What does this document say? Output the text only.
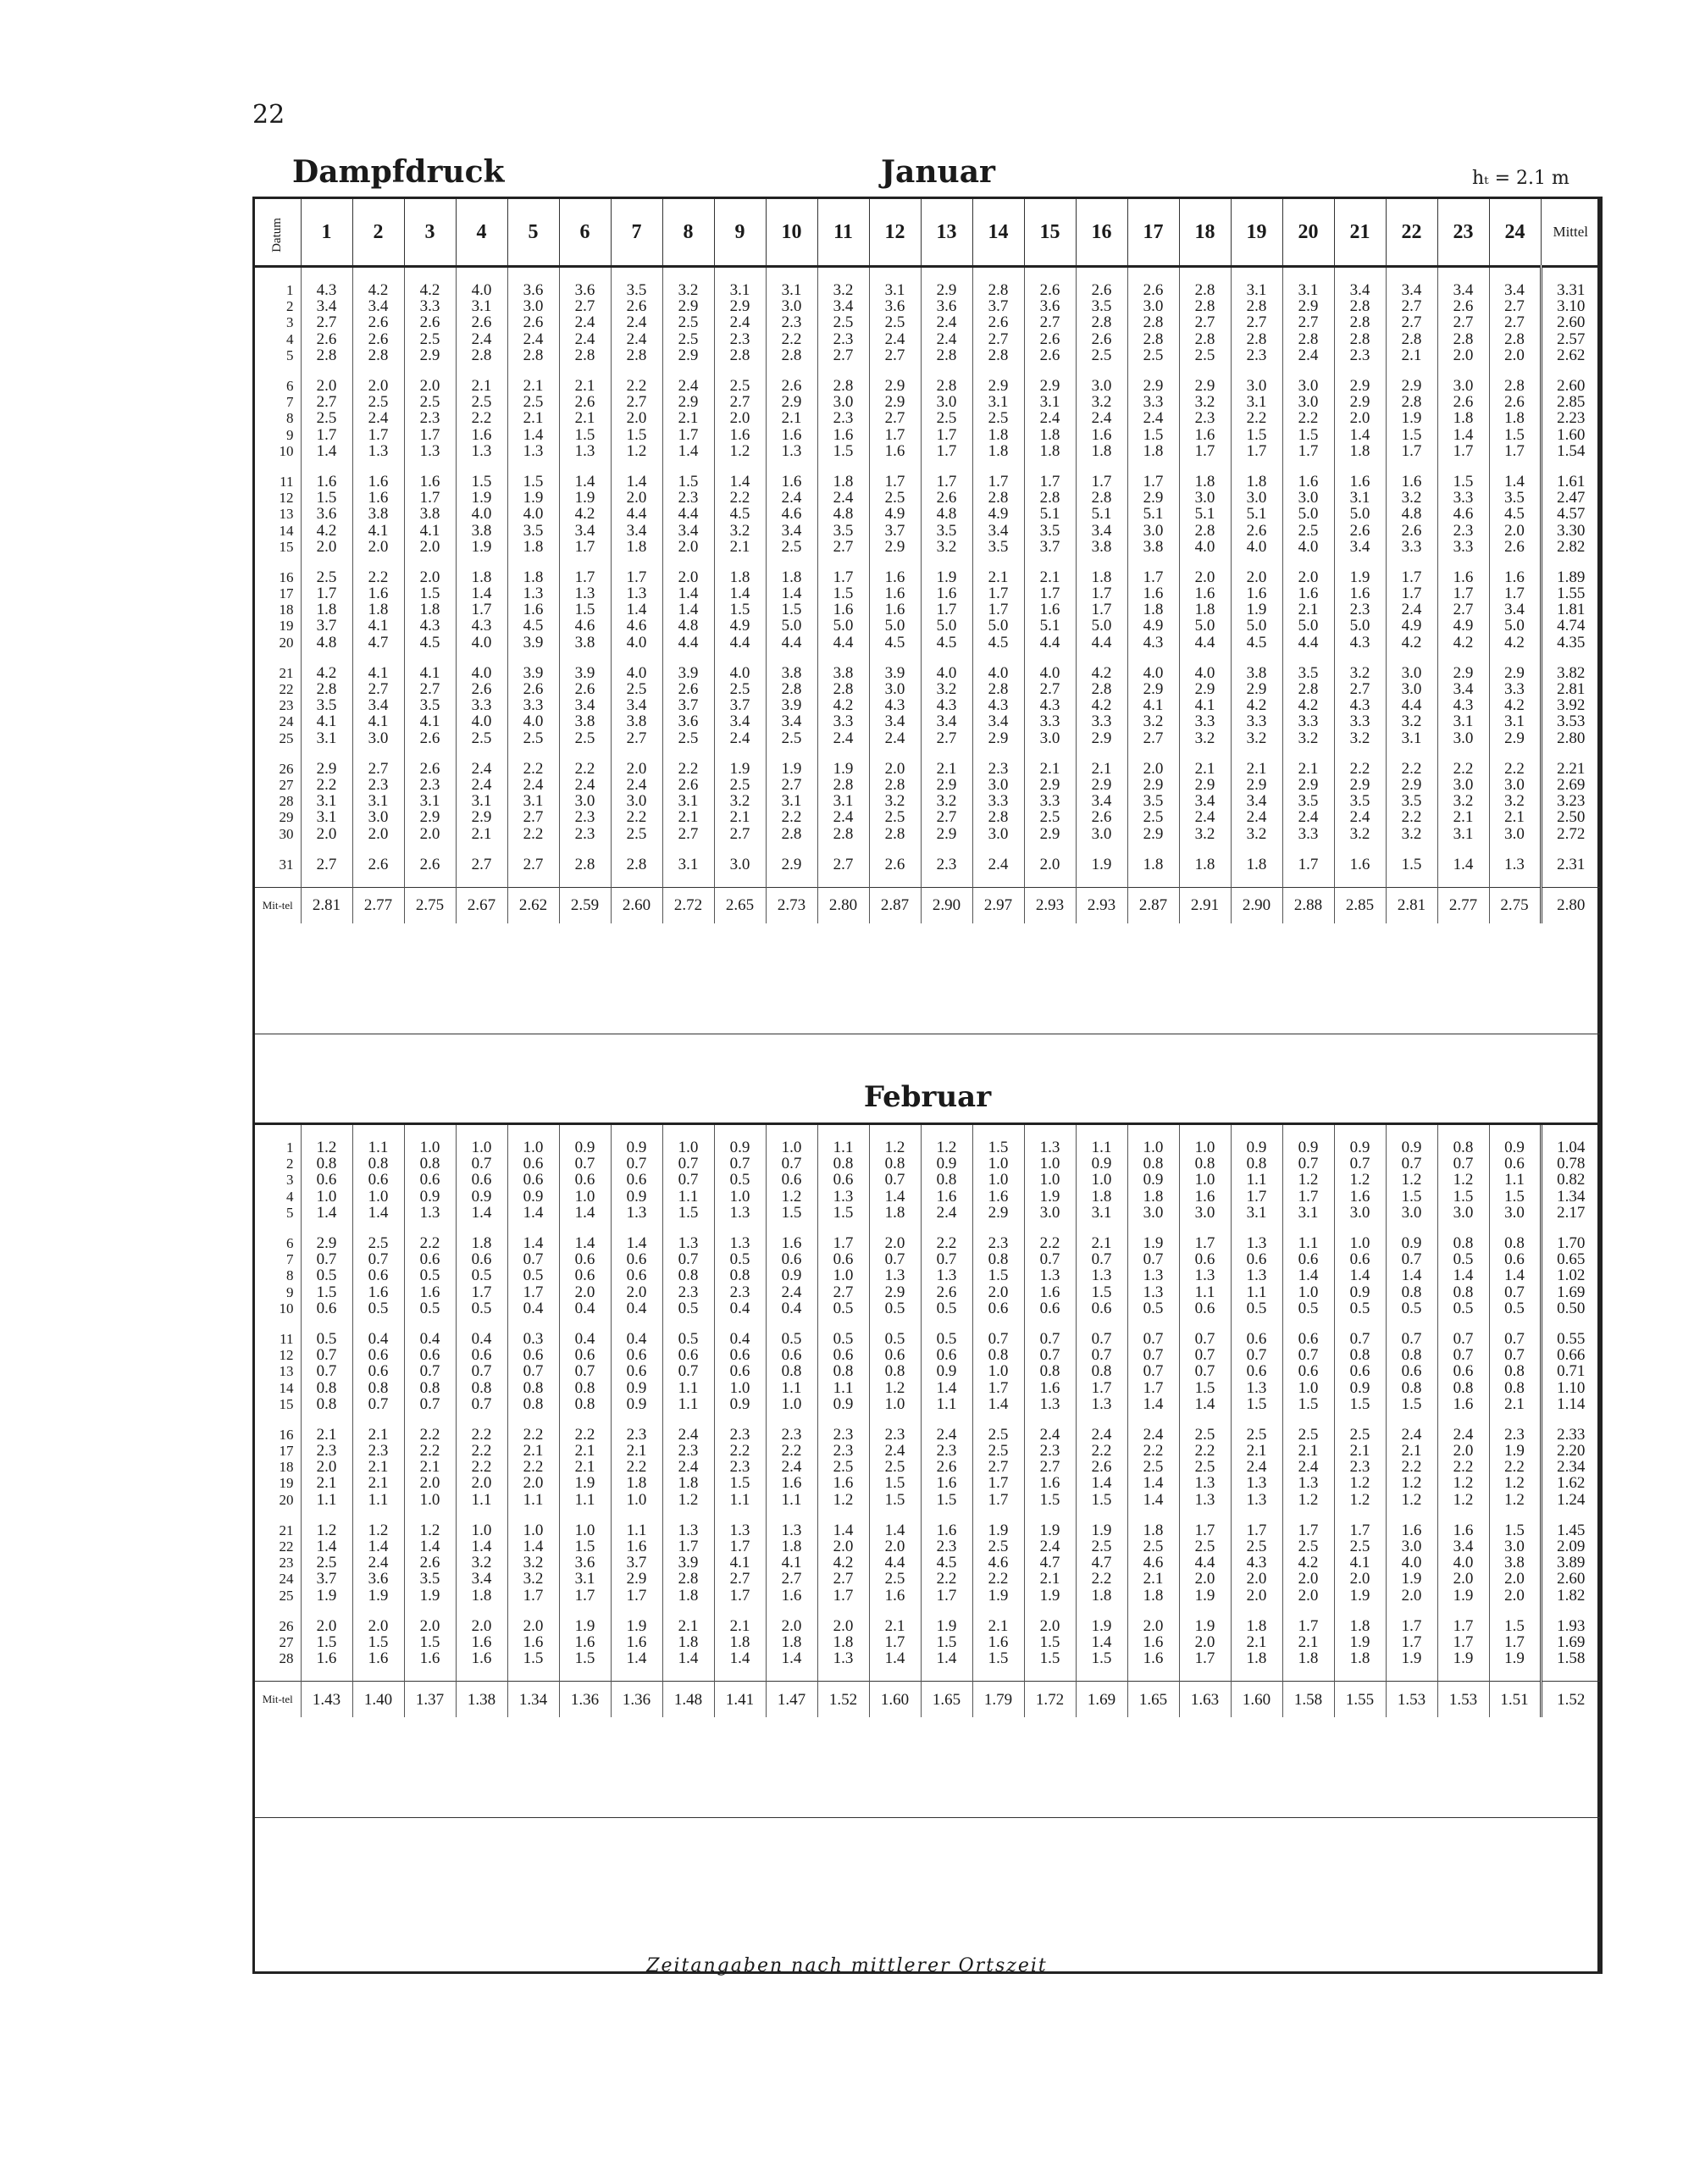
22
Dampfdruck	Januar	hₜ = 2.1 m
Datum	1	2	3	4	5	6	7	8	9	10	11	12	13	14	15	16	17	18	19	20	21	22	23	24	Mittel

1	4.3	4.2	4.2	4.0	3.6	3.6	3.5	3.2	3.1	3.1	3.2	3.1	2.9	2.8	2.6	2.6	2.6	2.8	3.1	3.1	3.4	3.4	3.4	3.4	3.31
2	3.4	3.4	3.3	3.1	3.0	2.7	2.6	2.9	2.9	3.0	3.4	3.6	3.6	3.7	3.6	3.5	3.0	2.8	2.8	2.9	2.8	2.7	2.6	2.7	3.10
3	2.7	2.6	2.6	2.6	2.6	2.4	2.4	2.5	2.4	2.3	2.5	2.5	2.4	2.6	2.7	2.8	2.8	2.7	2.7	2.7	2.8	2.7	2.7	2.7	2.60
4	2.6	2.6	2.5	2.4	2.4	2.4	2.4	2.5	2.3	2.2	2.3	2.4	2.4	2.7	2.6	2.6	2.8	2.8	2.8	2.8	2.8	2.8	2.8	2.8	2.57
5	2.8	2.8	2.9	2.8	2.8	2.8	2.8	2.9	2.8	2.8	2.7	2.7	2.8	2.8	2.6	2.5	2.5	2.5	2.3	2.4	2.3	2.1	2.0	2.0	2.62

6	2.0	2.0	2.0	2.1	2.1	2.1	2.2	2.4	2.5	2.6	2.8	2.9	2.8	2.9	2.9	3.0	2.9	2.9	3.0	3.0	2.9	2.9	3.0	2.8	2.60
7	2.7	2.5	2.5	2.5	2.5	2.6	2.7	2.9	2.7	2.9	3.0	2.9	3.0	3.1	3.1	3.2	3.3	3.2	3.1	3.0	2.9	2.8	2.6	2.6	2.85
8	2.5	2.4	2.3	2.2	2.1	2.1	2.0	2.1	2.0	2.1	2.3	2.7	2.5	2.5	2.4	2.4	2.4	2.3	2.2	2.2	2.0	1.9	1.8	1.8	2.23
9	1.7	1.7	1.7	1.6	1.4	1.5	1.5	1.7	1.6	1.6	1.6	1.7	1.7	1.8	1.8	1.6	1.5	1.6	1.5	1.5	1.4	1.5	1.4	1.5	1.60
10	1.4	1.3	1.3	1.3	1.3	1.3	1.2	1.4	1.2	1.3	1.5	1.6	1.7	1.8	1.8	1.8	1.8	1.7	1.7	1.7	1.8	1.7	1.7	1.7	1.54

11	1.6	1.6	1.6	1.5	1.5	1.4	1.4	1.5	1.4	1.6	1.8	1.7	1.7	1.7	1.7	1.7	1.7	1.8	1.8	1.6	1.6	1.6	1.5	1.4	1.61
12	1.5	1.6	1.7	1.9	1.9	1.9	2.0	2.3	2.2	2.4	2.4	2.5	2.6	2.8	2.8	2.8	2.9	3.0	3.0	3.0	3.1	3.2	3.3	3.5	2.47
13	3.6	3.8	3.8	4.0	4.0	4.2	4.4	4.4	4.5	4.6	4.8	4.9	4.8	4.9	5.1	5.1	5.1	5.1	5.1	5.0	5.0	4.8	4.6	4.5	4.57
14	4.2	4.1	4.1	3.8	3.5	3.4	3.4	3.4	3.2	3.4	3.5	3.7	3.5	3.4	3.5	3.4	3.0	2.8	2.6	2.5	2.6	2.6	2.3	2.0	3.30
15	2.0	2.0	2.0	1.9	1.8	1.7	1.8	2.0	2.1	2.5	2.7	2.9	3.2	3.5	3.7	3.8	3.8	4.0	4.0	4.0	3.4	3.3	3.3	2.6	2.82

16	2.5	2.2	2.0	1.8	1.8	1.7	1.7	2.0	1.8	1.8	1.7	1.6	1.9	2.1	2.1	1.8	1.7	2.0	2.0	2.0	1.9	1.7	1.6	1.6	1.89
17	1.7	1.6	1.5	1.4	1.3	1.3	1.3	1.4	1.4	1.4	1.5	1.6	1.6	1.7	1.7	1.7	1.6	1.6	1.6	1.6	1.6	1.7	1.7	1.7	1.55
18	1.8	1.8	1.8	1.7	1.6	1.5	1.4	1.4	1.5	1.5	1.6	1.6	1.7	1.7	1.6	1.7	1.8	1.8	1.9	2.1	2.3	2.4	2.7	3.4	1.81
19	3.7	4.1	4.3	4.3	4.5	4.6	4.6	4.8	4.9	5.0	5.0	5.0	5.0	5.0	5.1	5.0	4.9	5.0	5.0	5.0	5.0	4.9	4.9	5.0	4.74
20	4.8	4.7	4.5	4.0	3.9	3.8	4.0	4.4	4.4	4.4	4.4	4.5	4.5	4.5	4.4	4.4	4.3	4.4	4.5	4.4	4.3	4.2	4.2	4.2	4.35

21	4.2	4.1	4.1	4.0	3.9	3.9	4.0	3.9	4.0	3.8	3.8	3.9	4.0	4.0	4.0	4.2	4.0	4.0	3.8	3.5	3.2	3.0	2.9	2.9	3.82
22	2.8	2.7	2.7	2.6	2.6	2.6	2.5	2.6	2.5	2.8	2.8	3.0	3.2	2.8	2.7	2.8	2.9	2.9	2.9	2.8	2.7	3.0	3.4	3.3	2.81
23	3.5	3.4	3.5	3.3	3.3	3.4	3.4	3.7	3.7	3.9	4.2	4.3	4.3	4.3	4.3	4.2	4.1	4.1	4.2	4.2	4.3	4.4	4.3	4.2	3.92
24	4.1	4.1	4.1	4.0	4.0	3.8	3.8	3.6	3.4	3.4	3.3	3.4	3.4	3.4	3.3	3.3	3.2	3.3	3.3	3.3	3.3	3.2	3.1	3.1	3.53
25	3.1	3.0	2.6	2.5	2.5	2.5	2.7	2.5	2.4	2.5	2.4	2.4	2.7	2.9	3.0	2.9	2.7	3.2	3.2	3.2	3.2	3.1	3.0	2.9	2.80

26	2.9	2.7	2.6	2.4	2.2	2.2	2.0	2.2	1.9	1.9	1.9	2.0	2.1	2.3	2.1	2.1	2.0	2.1	2.1	2.1	2.2	2.2	2.2	2.2	2.21
27	2.2	2.3	2.3	2.4	2.4	2.4	2.4	2.6	2.5	2.7	2.8	2.8	2.9	3.0	2.9	2.9	2.9	2.9	2.9	2.9	2.9	2.9	3.0	3.0	2.69
28	3.1	3.1	3.1	3.1	3.1	3.0	3.0	3.1	3.2	3.1	3.1	3.2	3.2	3.3	3.3	3.4	3.5	3.4	3.4	3.5	3.5	3.5	3.2	3.2	3.23
29	3.1	3.0	2.9	2.9	2.7	2.3	2.2	2.1	2.1	2.2	2.4	2.5	2.7	2.8	2.5	2.6	2.5	2.4	2.4	2.4	2.4	2.2	2.1	2.1	2.50
30	2.0	2.0	2.0	2.1	2.2	2.3	2.5	2.7	2.7	2.8	2.8	2.8	2.9	3.0	2.9	3.0	2.9	3.2	3.2	3.3	3.2	3.2	3.1	3.0	2.72

31	2.7	2.6	2.6	2.7	2.7	2.8	2.8	3.1	3.0	2.9	2.7	2.6	2.3	2.4	2.0	1.9	1.8	1.8	1.8	1.7	1.6	1.5	1.4	1.3	2.31

Mit-tel	2.81	2.77	2.75	2.67	2.62	2.59	2.60	2.72	2.65	2.73	2.80	2.87	2.90	2.97	2.93	2.93	2.87	2.91	2.90	2.88	2.85	2.81	2.77	2.75	2.80
Februar

1	1.2	1.1	1.0	1.0	1.0	0.9	0.9	1.0	0.9	1.0	1.1	1.2	1.2	1.5	1.3	1.1	1.0	1.0	0.9	0.9	0.9	0.9	0.8	0.9	1.04
2	0.8	0.8	0.8	0.7	0.6	0.7	0.7	0.7	0.7	0.7	0.8	0.8	0.9	1.0	1.0	0.9	0.8	0.8	0.8	0.7	0.7	0.7	0.7	0.6	0.78
3	0.6	0.6	0.6	0.6	0.6	0.6	0.6	0.7	0.5	0.6	0.6	0.7	0.8	1.0	1.0	1.0	0.9	1.0	1.1	1.2	1.2	1.2	1.2	1.1	0.82
4	1.0	1.0	0.9	0.9	0.9	1.0	0.9	1.1	1.0	1.2	1.3	1.4	1.6	1.6	1.9	1.8	1.8	1.6	1.7	1.7	1.6	1.5	1.5	1.5	1.34
5	1.4	1.4	1.3	1.4	1.4	1.4	1.3	1.5	1.3	1.5	1.5	1.8	2.4	2.9	3.0	3.1	3.0	3.0	3.1	3.1	3.0	3.0	3.0	3.0	2.17

6	2.9	2.5	2.2	1.8	1.4	1.4	1.4	1.3	1.3	1.6	1.7	2.0	2.2	2.3	2.2	2.1	1.9	1.7	1.3	1.1	1.0	0.9	0.8	0.8	1.70
7	0.7	0.7	0.6	0.6	0.7	0.6	0.6	0.7	0.5	0.6	0.6	0.7	0.7	0.8	0.7	0.7	0.7	0.6	0.6	0.6	0.6	0.7	0.5	0.6	0.65
8	0.5	0.6	0.5	0.5	0.5	0.6	0.6	0.8	0.8	0.9	1.0	1.3	1.3	1.5	1.3	1.3	1.3	1.3	1.3	1.4	1.4	1.4	1.4	1.4	1.02
9	1.5	1.6	1.6	1.7	1.7	2.0	2.0	2.3	2.3	2.4	2.7	2.9	2.6	2.0	1.6	1.5	1.3	1.1	1.1	1.0	0.9	0.8	0.8	0.7	1.69
10	0.6	0.5	0.5	0.5	0.4	0.4	0.4	0.5	0.4	0.4	0.5	0.5	0.5	0.6	0.6	0.6	0.5	0.6	0.5	0.5	0.5	0.5	0.5	0.5	0.50

11	0.5	0.4	0.4	0.4	0.3	0.4	0.4	0.5	0.4	0.5	0.5	0.5	0.5	0.7	0.7	0.7	0.7	0.7	0.6	0.6	0.7	0.7	0.7	0.7	0.55
12	0.7	0.6	0.6	0.6	0.6	0.6	0.6	0.6	0.6	0.6	0.6	0.6	0.6	0.8	0.7	0.7	0.7	0.7	0.7	0.7	0.8	0.8	0.7	0.7	0.66
13	0.7	0.6	0.7	0.7	0.7	0.7	0.6	0.7	0.6	0.8	0.8	0.8	0.9	1.0	0.8	0.8	0.7	0.7	0.6	0.6	0.6	0.6	0.6	0.8	0.71
14	0.8	0.8	0.8	0.8	0.8	0.8	0.9	1.1	1.0	1.1	1.1	1.2	1.4	1.7	1.6	1.7	1.7	1.5	1.3	1.0	0.9	0.8	0.8	0.8	1.10
15	0.8	0.7	0.7	0.7	0.8	0.8	0.9	1.1	0.9	1.0	0.9	1.0	1.1	1.4	1.3	1.3	1.4	1.4	1.5	1.5	1.5	1.5	1.6	2.1	1.14

16	2.1	2.1	2.2	2.2	2.2	2.2	2.3	2.4	2.3	2.3	2.3	2.3	2.4	2.5	2.4	2.4	2.4	2.5	2.5	2.5	2.5	2.4	2.4	2.3	2.33
17	2.3	2.3	2.2	2.2	2.1	2.1	2.1	2.3	2.2	2.2	2.3	2.4	2.3	2.5	2.3	2.2	2.2	2.2	2.1	2.1	2.1	2.1	2.0	1.9	2.20
18	2.0	2.1	2.1	2.2	2.2	2.1	2.2	2.4	2.3	2.4	2.5	2.5	2.6	2.7	2.7	2.6	2.5	2.5	2.4	2.4	2.3	2.2	2.2	2.2	2.34
19	2.1	2.1	2.0	2.0	2.0	1.9	1.8	1.8	1.5	1.6	1.6	1.5	1.6	1.7	1.6	1.4	1.4	1.3	1.3	1.3	1.2	1.2	1.2	1.2	1.62
20	1.1	1.1	1.0	1.1	1.1	1.1	1.0	1.2	1.1	1.1	1.2	1.5	1.5	1.7	1.5	1.5	1.4	1.3	1.3	1.2	1.2	1.2	1.2	1.2	1.24

21	1.2	1.2	1.2	1.0	1.0	1.0	1.1	1.3	1.3	1.3	1.4	1.4	1.6	1.9	1.9	1.9	1.8	1.7	1.7	1.7	1.7	1.6	1.6	1.5	1.45
22	1.4	1.4	1.4	1.4	1.4	1.5	1.6	1.7	1.7	1.8	2.0	2.0	2.3	2.5	2.4	2.5	2.5	2.5	2.5	2.5	2.5	3.0	3.4	3.0	2.09
23	2.5	2.4	2.6	3.2	3.2	3.6	3.7	3.9	4.1	4.1	4.2	4.4	4.5	4.6	4.7	4.7	4.6	4.4	4.3	4.2	4.1	4.0	4.0	3.8	3.89
24	3.7	3.6	3.5	3.4	3.2	3.1	2.9	2.8	2.7	2.7	2.7	2.5	2.2	2.2	2.1	2.2	2.1	2.0	2.0	2.0	2.0	1.9	2.0	2.0	2.60
25	1.9	1.9	1.9	1.8	1.7	1.7	1.7	1.8	1.7	1.6	1.7	1.6	1.7	1.9	1.9	1.8	1.8	1.9	2.0	2.0	1.9	2.0	1.9	2.0	1.82

26	2.0	2.0	2.0	2.0	2.0	1.9	1.9	2.1	2.1	2.0	2.0	2.1	1.9	2.1	2.0	1.9	2.0	1.9	1.8	1.7	1.8	1.7	1.7	1.5	1.93
27	1.5	1.5	1.5	1.6	1.6	1.6	1.6	1.8	1.8	1.8	1.8	1.7	1.5	1.6	1.5	1.4	1.6	2.0	2.1	2.1	1.9	1.7	1.7	1.7	1.69
28	1.6	1.6	1.6	1.6	1.5	1.5	1.4	1.4	1.4	1.4	1.3	1.4	1.4	1.5	1.5	1.5	1.6	1.7	1.8	1.8	1.8	1.9	1.9	1.9	1.58

Mit-tel	1.43	1.40	1.37	1.38	1.34	1.36	1.36	1.48	1.41	1.47	1.52	1.60	1.65	1.79	1.72	1.69	1.65	1.63	1.60	1.58	1.55	1.53	1.53	1.51	1.52
Zeitangaben nach mittlerer Ortszeit
